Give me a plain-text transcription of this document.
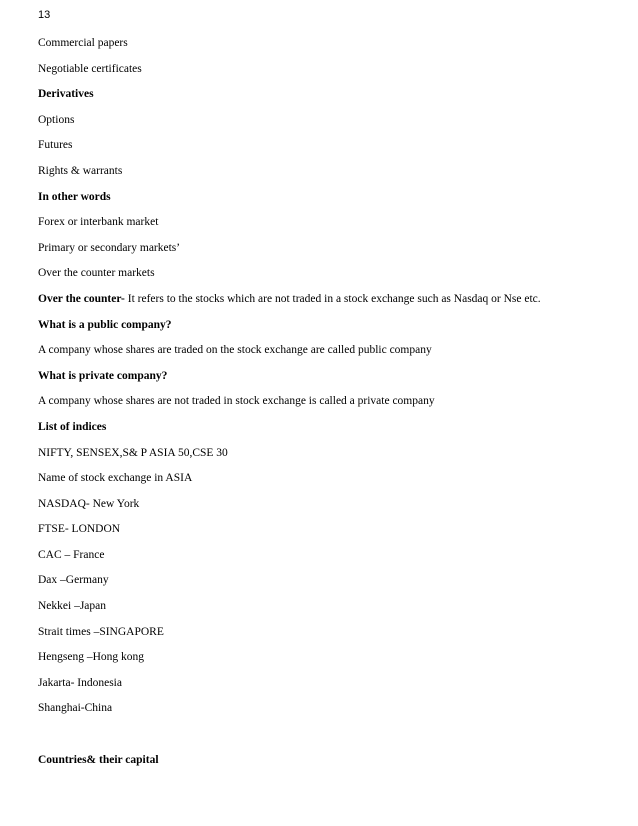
13
Commercial papers
Negotiable certificates
Derivatives
Options
Futures
Rights & warrants
In other words
Forex or interbank market
Primary or secondary markets’
Over the counter markets
Over the counter- It refers to the stocks which are not traded in a stock exchange such as Nasdaq or Nse etc.
What is a public company?
A company whose shares are traded on the stock exchange are called public company
What is private company?
A company whose shares are not traded in stock exchange is called a private company
List of indices
NIFTY, SENSEX,S& P ASIA 50,CSE 30
Name of stock exchange in ASIA
NASDAQ- New York
FTSE- LONDON
CAC – France
Dax –Germany
Nekkei –Japan
Strait times –SINGAPORE
Hengseng –Hong kong
Jakarta- Indonesia
Shanghai-China
Countries& their capital
